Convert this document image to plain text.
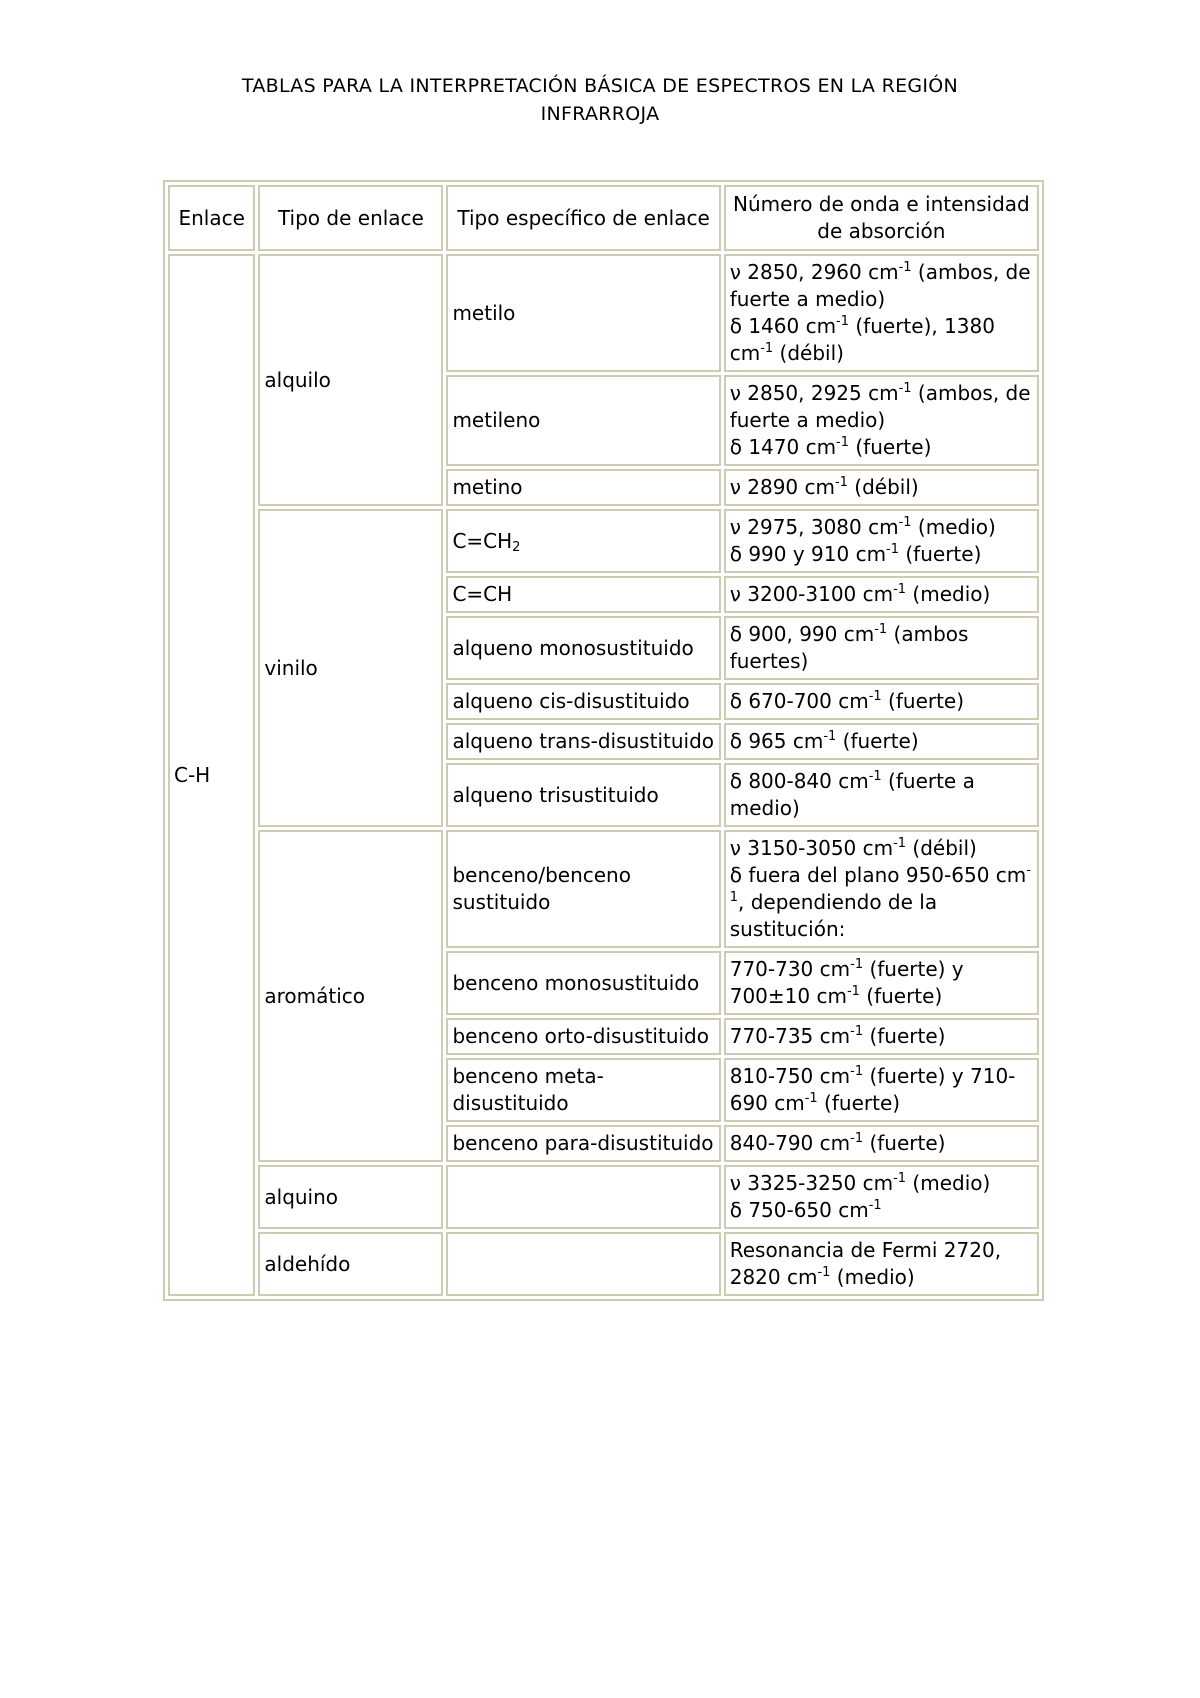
TABLAS PARA LA INTERPRETACIÓN BÁSICA DE ESPECTROS EN LA REGIÓN
INFRARROJA
Enlace	Tipo de enlace	Tipo específico de enlace	Número de onda e intensidad de absorción
C-H	alquilo	metilo	ν 2850, 2960 $cm^{-1}$ (ambos, de fuerte a medio)
δ 1460 $cm^{-1}$ (fuerte), 1380 $cm^{-1}$ (débil)

		metileno	ν 2850, 2925 $cm^{-1}$ (ambos, de fuerte a medio)
δ 1470 $cm^{-1}$ (fuerte)

		metino	ν 2890 $cm^{-1}$ (débil)
	vinilo	$C=CH_2$	ν 2975, 3080 $cm^{-1}$ (medio)
δ 990 y 910 $cm^{-1}$ (fuerte)

		C=CH	ν 3200-3100 $cm^{-1}$ (medio)
		alqueno monosustituido	δ 900, 990 $cm^{-1}$ (ambos fuertes)
		alqueno cis-disustituido	δ 670-700 $cm^{-1}$ (fuerte)
		alqueno trans-disustituido	δ 965 $cm^{-1}$ (fuerte)
		alqueno trisustituido	δ 800-840 $cm^{-1}$ (fuerte a medio)
	aromático	benceno/benceno sustituido	ν 3150-3050 $cm^{-1}$ (débil)
δ fuera del plano 950-650 $cm^{-1}$, dependiendo de la sustitución:

		benceno monosustituido	770-730 $cm^{-1}$ (fuerte) y 700±10 $cm^{-1}$ (fuerte)
		benceno orto-disustituido	770-735 $cm^{-1}$ (fuerte)
		benceno meta-disustituido	810-750 $cm^{-1}$ (fuerte) y 710-690 $cm^{-1}$ (fuerte)
		benceno para-disustituido	840-790 $cm^{-1}$ (fuerte)
	alquino		ν 3325-3250 $cm^{-1}$ (medio)
δ 750-650 $cm^{-1}$

	aldehído		Resonancia de Fermi 2720, 2820 $cm^{-1}$ (medio)
